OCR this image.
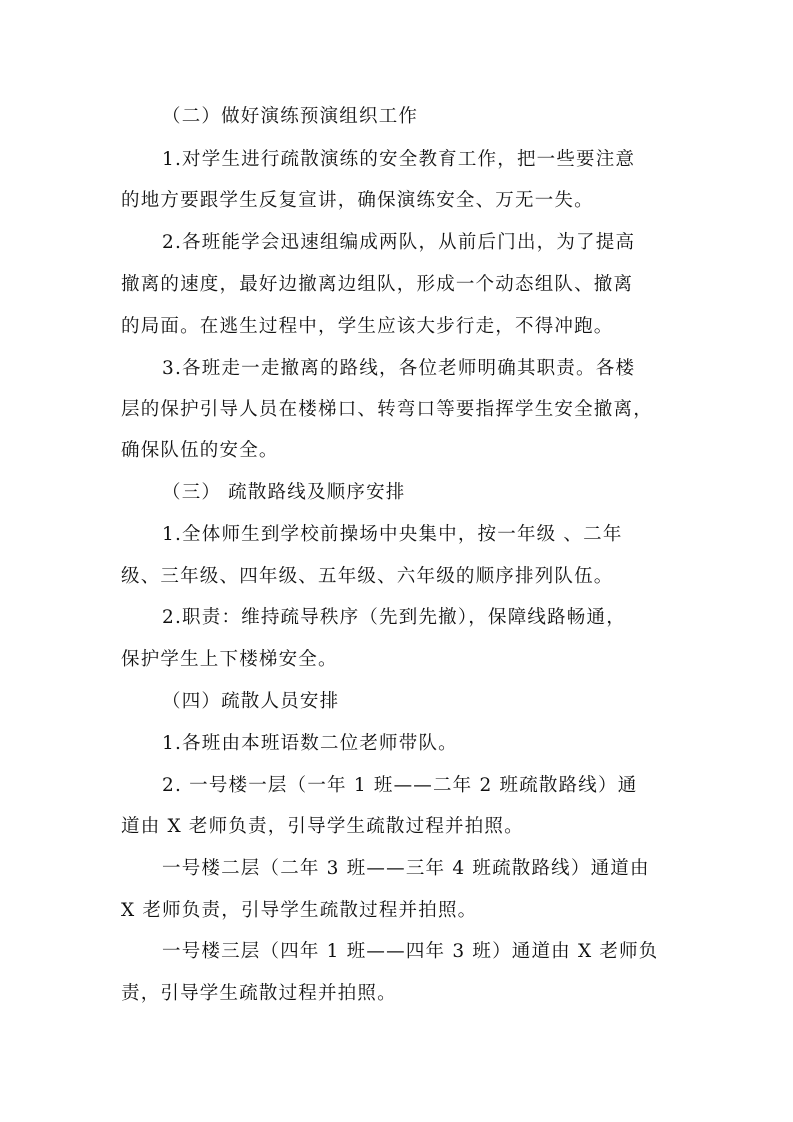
（二）做好演练预演组织工作
1.对学生进行疏散演练的安全教育工作，把一些要注意
的地方要跟学生反复宣讲，确保演练安全、万无一失。
2.各班能学会迅速组编成两队，从前后门出，为了提高
撤离的速度，最好边撤离边组队，形成一个动态组队、撤离
的局面。在逃生过程中，学生应该大步行走，不得冲跑。
3.各班走一走撤离的路线，各位老师明确其职责。各楼
层的保护引导人员在楼梯口、转弯口等要指挥学生安全撤离，
确保队伍的安全。
（三） 疏散路线及顺序安排
1.全体师生到学校前操场中央集中，按一年级 、二年
级、三年级、四年级、五年级、六年级的顺序排列队伍。
2.职责：维持疏导秩序（先到先撤），保障线路畅通，
保护学生上下楼梯安全。
（四）疏散人员安排
1.各班由本班语数二位老师带队。
2. 一号楼一层（一年 1 班——二年 2 班疏散路线）通
道由 X 老师负责，引导学生疏散过程并拍照。
一号楼二层（二年 3 班——三年 4 班疏散路线）通道由
X 老师负责，引导学生疏散过程并拍照。
一号楼三层（四年 1 班——四年 3 班）通道由 X 老师负
责，引导学生疏散过程并拍照。
